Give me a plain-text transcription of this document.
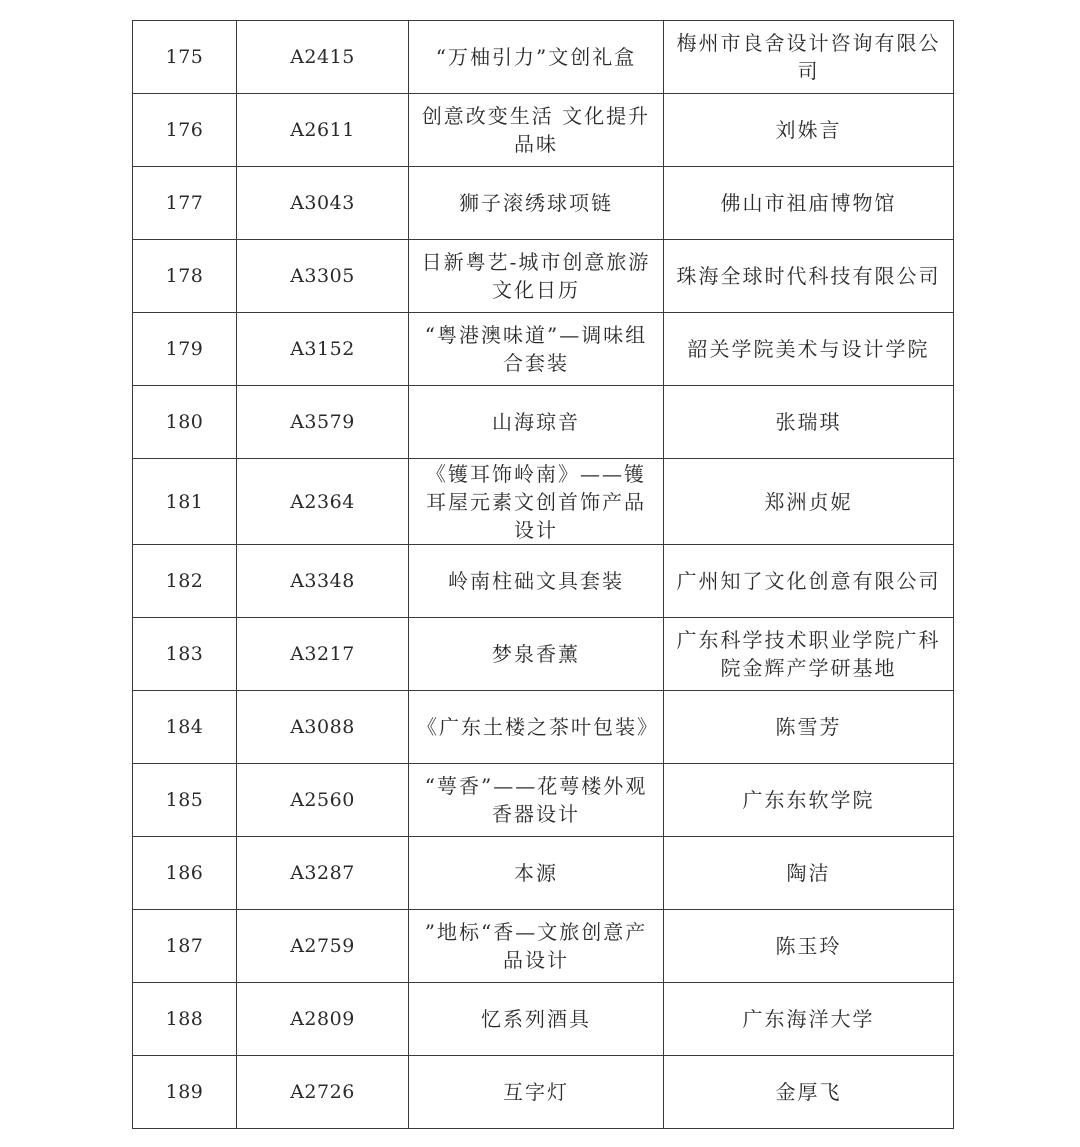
175	A2415	“万柚引力”文创礼盒	梅州市良舍设计咨询有限公司
176	A2611	创意改变生活 文化提升品味	刘姝言
177	A3043	狮子滚绣球项链	佛山市祖庙博物馆
178	A3305	日新粤艺-城市创意旅游文化日历	珠海全球时代科技有限公司
179	A3152	“粤港澳味道”—调味组合套装	韶关学院美术与设计学院
180	A3579	山海琼音	张瑞琪
181	A2364	《镬耳饰岭南》——镬耳屋元素文创首饰产品设计	郑洲贞妮
182	A3348	岭南柱础文具套装	广州知了文化创意有限公司
183	A3217	梦泉香薰	广东科学技术职业学院广科院金辉产学研基地
184	A3088	《广东土楼之茶叶包装》	陈雪芳
185	A2560	“萼香”——花萼楼外观香器设计	广东东软学院
186	A3287	本源	陶洁
187	A2759	”地标“香—文旅创意产品设计	陈玉玲
188	A2809	忆系列酒具	广东海洋大学
189	A2726	互字灯	金厚飞
